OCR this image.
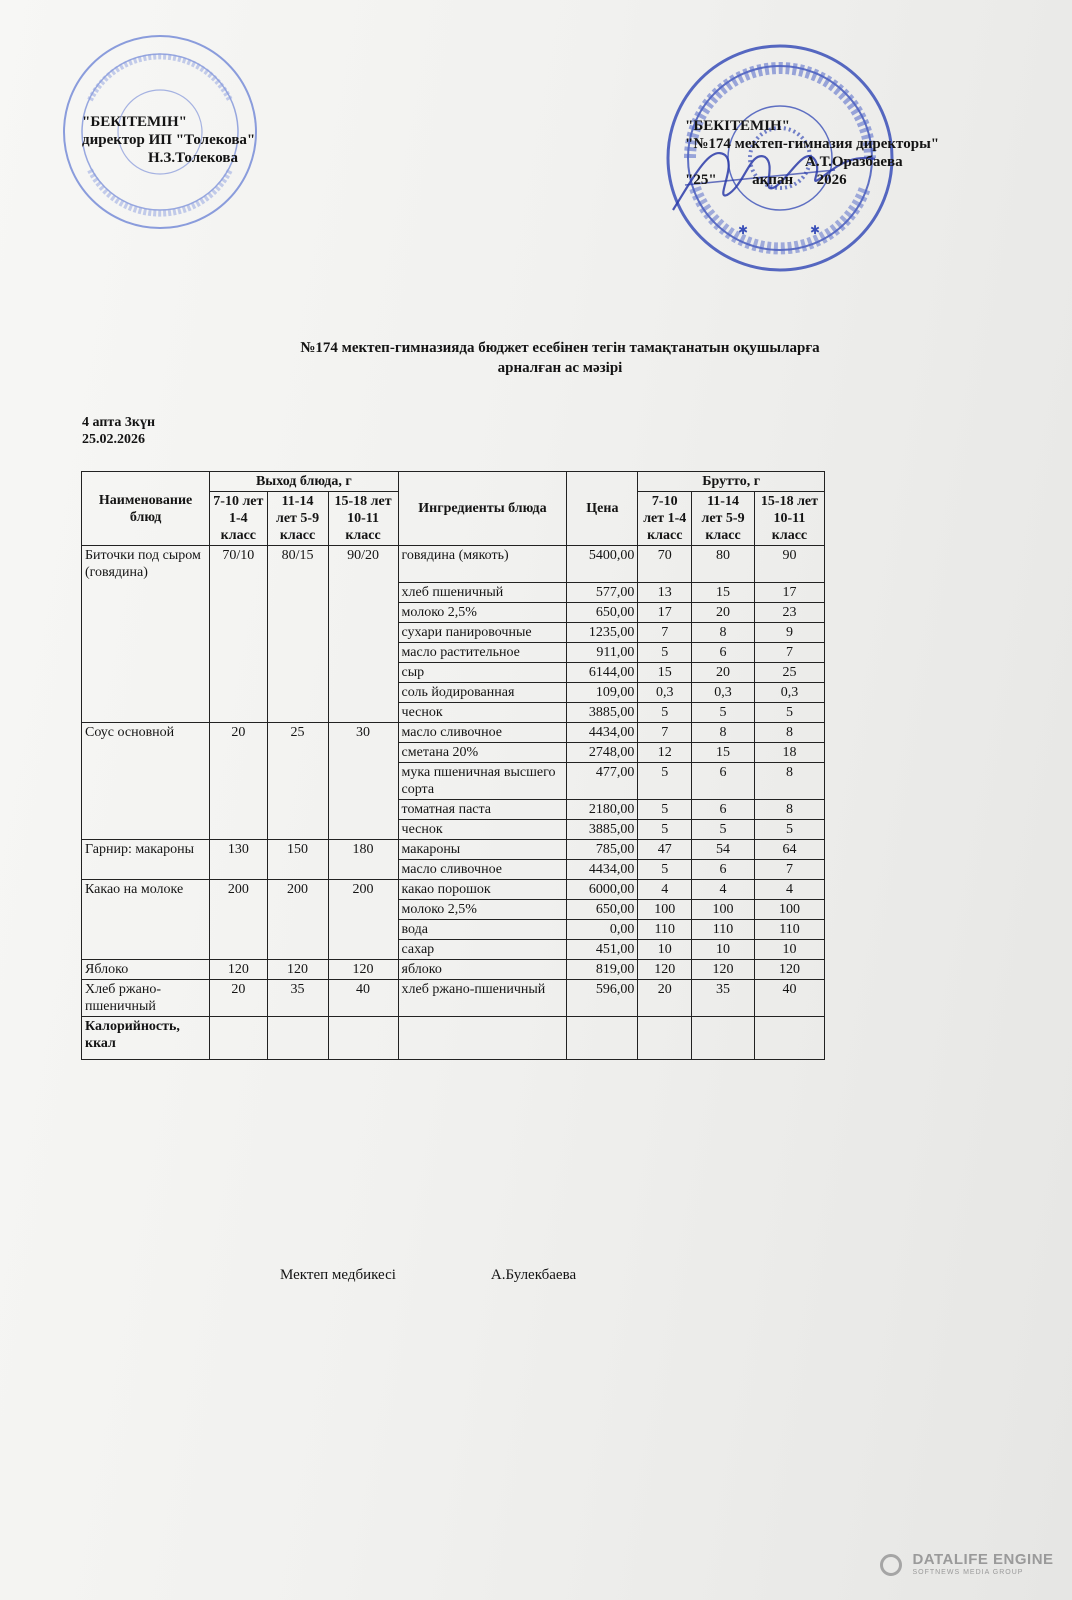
✱	✱
"БЕКІТЕМІН"
директор ИП "Толекова"
Н.З.Толекова
"БЕКІТЕМІН"
"№174 мектеп-гимназия директоры"
А.Т.Оразбаева
"25" ақпан 2026
№174 мектеп-гимназияда бюджет есебінен тегін тамақтанатын оқушыларға
арналған ас мәзірі
4 апта 3күн
25.02.2026
Наименование блюд	Выход блюда, г			Ингредиенты блюда	Цена	Брутто, г		
	7-10 лет 1-4 класс	11-14 лет 5-9 класс	15-18 лет 10-11 класс			7-10 лет 1-4 класс	11-14 лет 5-9 класс	15-18 лет 10-11 класс
Биточки под сыром (говядина)	70/10	80/15	90/20	говядина (мякоть)	5400,00	70	80	90
				хлеб пшеничный	577,00	13	15	17
				молоко 2,5%	650,00	17	20	23
				сухари панировочные	1235,00	7	8	9
				масло растительное	911,00	5	6	7
				сыр	6144,00	15	20	25
				соль йодированная	109,00	0,3	0,3	0,3
				чеснок	3885,00	5	5	5
Соус основной	20	25	30	масло сливочное	4434,00	7	8	8
				сметана 20%	2748,00	12	15	18
				мука пшеничная высшего сорта	477,00	5	6	8
				томатная паста	2180,00	5	6	8
				чеснок	3885,00	5	5	5
Гарнир: макароны	130	150	180	макароны	785,00	47	54	64
				масло сливочное	4434,00	5	6	7
Какао на молоке	200	200	200	какао порошок	6000,00	4	4	4
				молоко 2,5%	650,00	100	100	100
				вода	0,00	110	110	110
				сахар	451,00	10	10	10
Яблоко	120	120	120	яблоко	819,00	120	120	120
Хлеб ржано-пшеничный	20	35	40	хлеб ржано-пшеничный	596,00	20	35	40
Калорийность, ккал								
Мектеп медбикесі	А.Булекбаева

DATALIFE ENGINE
SOFTNEWS MEDIA GROUP
